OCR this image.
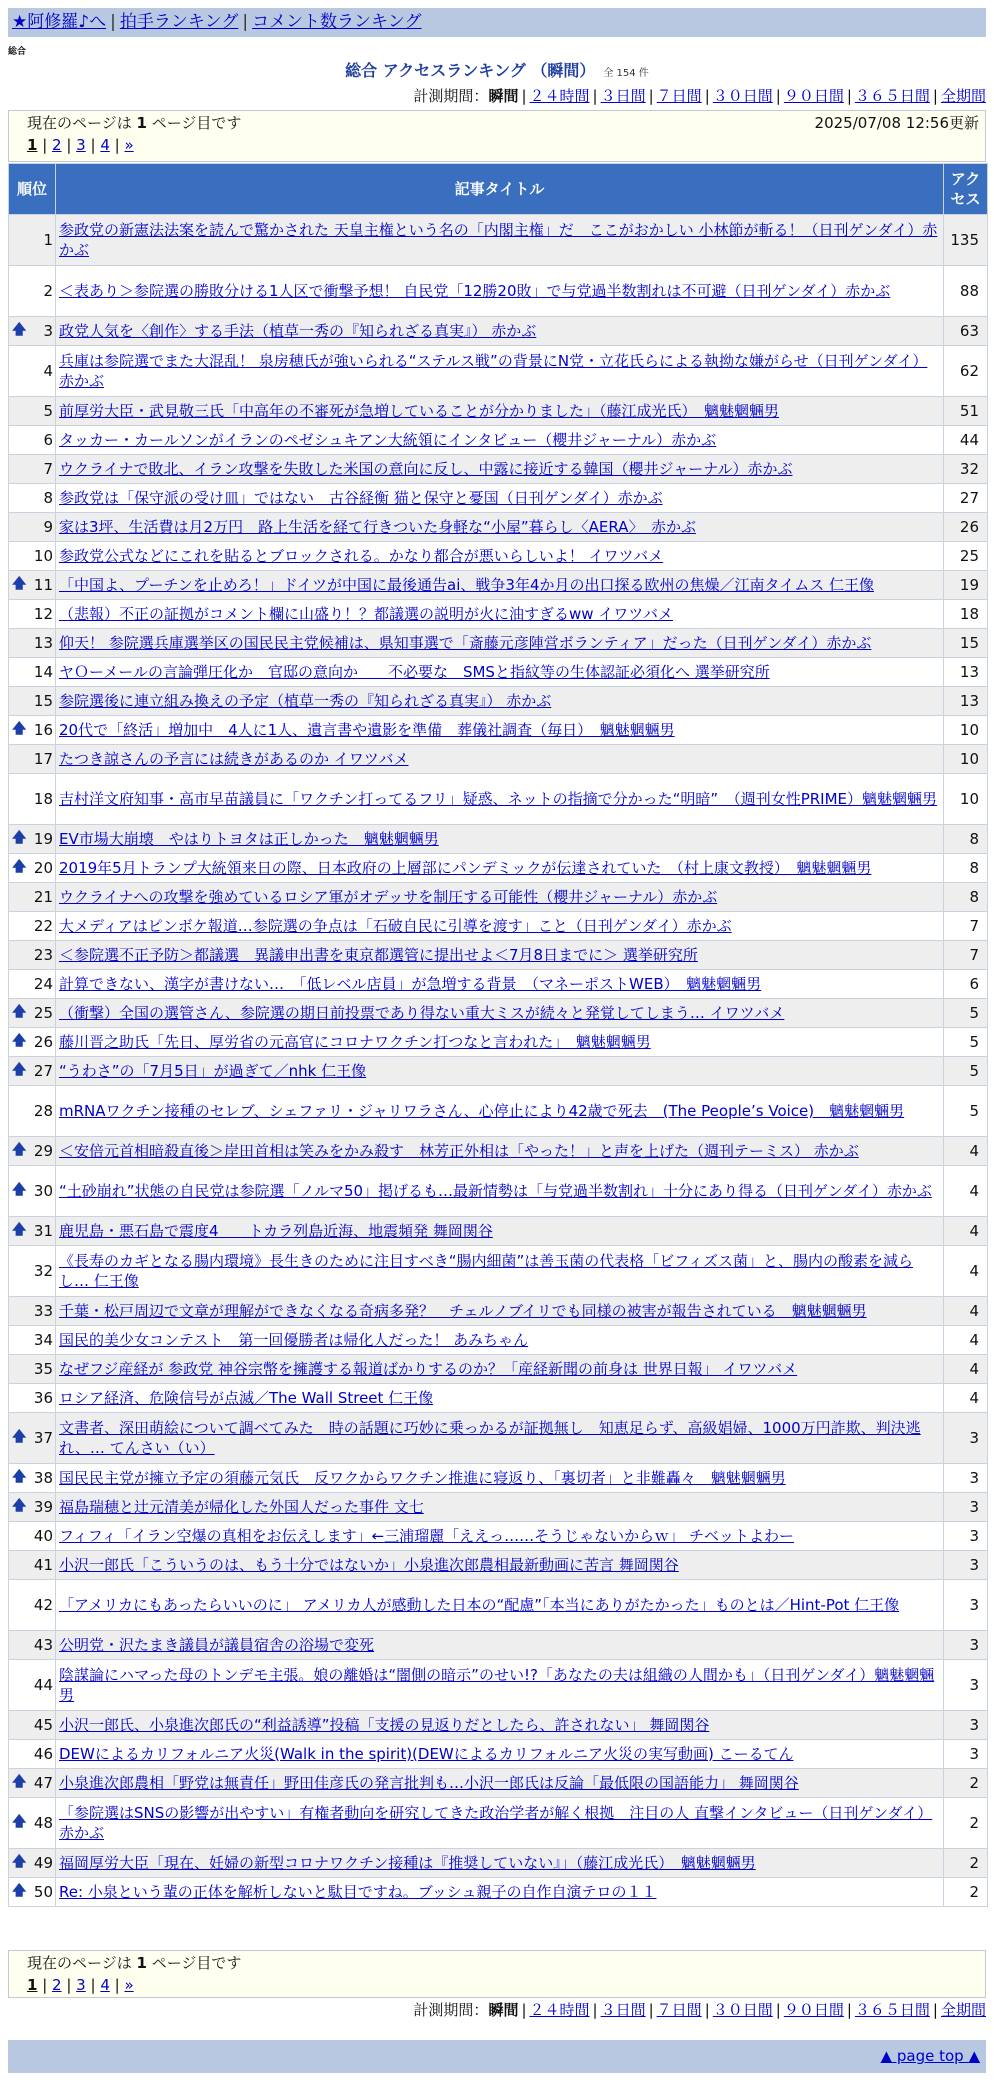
★阿修羅♪へ | 拍手ランキング | コメント数ランキング
総合
総合 アクセスランキング （瞬間） 全 154 件
計測期間：瞬間 | ２４時間 | ３日間 | ７日間 | ３０日間 | ９０日間 | ３６５日間 | 全期間
計測期間：瞬間 | ２４時間 | ３日間 | ７日間 | ３０日間 | ９０日間 | ３６５日間 | 全期間
現在のページは 1 ページ目です	2025/07/08 12:56更新
1 | 2 | 3 | 4 | »
順位	記事タイトル	アクセス
1	参政党の新憲法法案を読んで驚かされた 天皇主権という名の「内閣主権」だ　ここがおかしい 小林節が斬る！（日刊ゲンダイ）赤かぶ	135
2	＜表あり＞参院選の勝敗分ける1人区で衝撃予想！ 自民党「12勝20敗」で与党過半数割れは不可避（日刊ゲンダイ）赤かぶ	88

🡅 3	政党人気を〈創作〉する手法（植草一秀の『知られざる真実』） 赤かぶ	63
4	兵庫は参院選でまた大混乱！ 泉房穂氏が強いられる“ステルス戦”の背景にN党・立花氏らによる執拗な嫌がらせ（日刊ゲンダイ）赤かぶ	62
5	前厚労大臣・武見敬三氏「中高年の不審死が急増していることが分かりました」（藤江成光氏）　魑魅魍魎男	51
6	タッカー・カールソンがイランのペゼシュキアン大統領にインタビュー（櫻井ジャーナル）赤かぶ	44
7	ウクライナで敗北、イラン攻撃を失敗した米国の意向に反し、中露に接近する韓国（櫻井ジャーナル）赤かぶ	32
8	参政党は「保守派の受け皿」ではない　古谷経衡 猫と保守と憂国（日刊ゲンダイ）赤かぶ	27
9	家は3坪、生活費は月2万円　路上生活を経て行きついた身軽な“小屋”暮らし〈AERA〉　赤かぶ	26
10	参政党公式などにこれを貼るとブロックされる。かなり都合が悪いらしいよ！ イワツバメ	25

🡅 11	「中国よ、プーチンを止めろ！」ドイツが中国に最後通告ai、戦争3年4か月の出口探る欧州の焦燥／江南タイムス 仁王像	19
12	（悲報）不正の証拠がコメント欄に山盛り！？都議選の説明が火に油すぎるww イワツバメ	18
13	仰天！ 参院選兵庫選挙区の国民民主党候補は、県知事選で「斎藤元彦陣営ボランティア」だった（日刊ゲンダイ）赤かぶ	15
14	ヤＯーメールの言論弾圧化か　官邸の意向か　　不必要な　SMSと指紋等の生体認証必須化へ 選挙研究所	13
15	参院選後に連立組み換えの予定（植草一秀の『知られざる真実』） 赤かぶ	13

🡅 16	20代で「終活」増加中　4人に1人、遺言書や遺影を準備　葬儀社調査（毎日）　魑魅魍魎男	10
17	たつき諒さんの予言には続きがあるのか イワツバメ	10
18	吉村洋文府知事・高市早苗議員に「ワクチン打ってるフリ」疑惑、ネットの指摘で分かった“明暗”　（週刊女性PRIME）魑魅魍魎男	10

🡅 19	EV市場大崩壊　やはりトヨタは正しかった　魑魅魍魎男	8

🡅 20	2019年5月トランプ大統領来日の際、日本政府の上層部にパンデミックが伝達されていた　（村上康文教授）　魑魅魍魎男	8
21	ウクライナへの攻撃を強めているロシア軍がオデッサを制圧する可能性（櫻井ジャーナル）赤かぶ	8
22	大メディアはピンボケ報道…参院選の争点は「石破自民に引導を渡す」こと（日刊ゲンダイ）赤かぶ	7
23	＜参院選不正予防＞都議選　異議申出書を東京都選管に提出せよ＜7月8日までに＞ 選挙研究所	7
24	計算できない、漢字が書けない…　「低レベル店員」が急増する背景　（マネーポストWEB）　魑魅魍魎男	6

🡅 25	（衝撃）全国の選管さん、参院選の期日前投票であり得ない重大ミスが続々と発覚してしまう… イワツバメ	5

🡅 26	藤川晋之助氏「先日、厚労省の元高官にコロナワクチン打つなと言われた」　魑魅魍魎男	5

🡅 27	“うわさ”の「7月5日」が過ぎて／nhk 仁王像	5
28	mRNAワクチン接種のセレブ、シェファリ・ジャリワラさん、心停止により42歳で死去　(The People’s Voice)　魑魅魍魎男	5

🡅 29	＜安倍元首相暗殺直後＞岸田首相は笑みをかみ殺す　林芳正外相は「やった！」と声を上げた（週刊テーミス） 赤かぶ	4

🡅 30	“土砂崩れ”状態の自民党は参院選「ノルマ50」掲げるも…最新情勢は「与党過半数割れ」十分にあり得る（日刊ゲンダイ）赤かぶ	4

🡅 31	鹿児島・悪石島で震度4　　トカラ列島近海、地震頻発 舞岡関谷	4
32	《長寿のカギとなる腸内環境》長生きのために注目すべき“腸内細菌”は善玉菌の代表格「ビフィズス菌」と、腸内の酸素を減らし… 仁王像	4
33	千葉・松戸周辺で文章が理解ができなくなる奇病多発？　チェルノブイリでも同様の被害が報告されている　魑魅魍魎男	4
34	国民的美少女コンテスト　第一回優勝者は帰化人だった！ あみちゃん	4
35	なぜフジ産経が 参政党 神谷宗幣を擁護する報道ばかりするのか？「産経新聞の前身は 世界日報」 イワツバメ	4
36	ロシア経済、危険信号が点滅／The Wall Street 仁王像	4

🡅 37	文書者、深田萌絵について調べてみた　時の話題に巧妙に乗っかるが証拠無し　知恵足らず、高級娼婦、1000万円詐欺、判決逃れ、… てんさい（い）	3

🡅 38	国民民主党が擁立予定の須藤元気氏　反ワクからワクチン推進に寝返り、「裏切者」と非難轟々　魑魅魍魎男	3

🡅 39	福島瑞穂と辻元清美が帰化した外国人だった事件 文七	3
40	フィフィ「イラン空爆の真相をお伝えします」←三浦瑠麗「ええっ……そうじゃないからｗ」 チベットよわー	3
41	小沢一郎氏「こういうのは、もう十分ではないか」小泉進次郎農相最新動画に苦言 舞岡関谷	3
42	「アメリカにもあったらいいのに」 アメリカ人が感動した日本の“配慮”「本当にありがたかった」ものとは／Hint-Pot 仁王像	3
43	公明党・沢たまき議員が議員宿舎の浴場で変死	3
44	陰謀論にハマった母のトンデモ主張。娘の離婚は“闇側の暗示”のせい!?「あなたの夫は組織の人間かも」（日刊ゲンダイ）魑魅魍魎男	3
45	小沢一郎氏、小泉進次郎氏の“利益誘導”投稿「支援の見返りだとしたら、許されない」 舞岡関谷	3
46	DEWによるカリフォルニア火災(Walk in the spirit)(DEWによるカリフォルニア火災の実写動画) こーるてん	3

🡅 47	小泉進次郎農相「野党は無責任」野田佳彦氏の発言批判も…小沢一郎氏は反論「最低限の国語能力」 舞岡関谷	2

🡅 48	「参院選はSNSの影響が出やすい」有権者動向を研究してきた政治学者が解く根拠　注目の人 直撃インタビュー（日刊ゲンダイ）赤かぶ	2

🡅 49	福岡厚労大臣「現在、妊婦の新型コロナワクチン接種は『推奨していない』」（藤江成光氏）　魑魅魍魎男	2

🡅 50	Re: 小泉という輩の正体を解析しないと駄目ですね。ブッシュ親子の自作自演テロの１１	2
現在のページは 1 ページ目です
1 | 2 | 3 | 4 | »
▲ page top ▲
